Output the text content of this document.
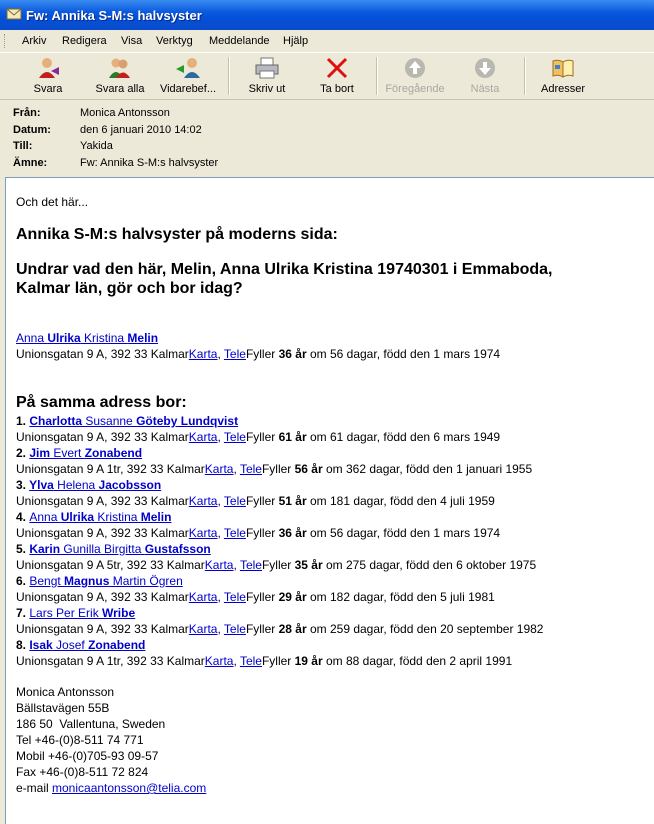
Fw: Annika S-M:s halvsyster
Arkiv Redigera Visa Verktyg Meddelande Hjälp
Svara	Svara alla	Vidarebef...	Skriv ut	Ta bort	Föregående	Nästa	Adresser
Från:	Monica Antonsson
Datum:	den 6 januari 2010 14:02
Till:	Yakida
Ämne:	Fw: Annika S-M:s halvsyster
Och det här...
Annika S-M:s halvsyster på moderns sida:
Undrar vad den här, Melin, Anna Ulrika Kristina 19740301 i Emmaboda,
Kalmar län, gör och bor idag?
Anna Ulrika Kristina Melin
Unionsgatan 9 A, 392 33 KalmarKarta, TeleFyller 36 år om 56 dagar, född den 1 mars 1974
På samma adress bor:
1. Charlotta Susanne Göteby Lundqvist
Unionsgatan 9 A, 392 33 KalmarKarta, TeleFyller 61 år om 61 dagar, född den 6 mars 1949
2. Jim Evert Zonabend
Unionsgatan 9 A 1tr, 392 33 KalmarKarta, TeleFyller 56 år om 362 dagar, född den 1 januari 1955
3. Ylva Helena Jacobsson
Unionsgatan 9 A, 392 33 KalmarKarta, TeleFyller 51 år om 181 dagar, född den 4 juli 1959
4. Anna Ulrika Kristina Melin
Unionsgatan 9 A, 392 33 KalmarKarta, TeleFyller 36 år om 56 dagar, född den 1 mars 1974
5. Karin Gunilla Birgitta Gustafsson
Unionsgatan 9 A 5tr, 392 33 KalmarKarta, TeleFyller 35 år om 275 dagar, född den 6 oktober 1975
6. Bengt Magnus Martin Ögren
Unionsgatan 9 A, 392 33 KalmarKarta, TeleFyller 29 år om 182 dagar, född den 5 juli 1981
7. Lars Per Erik Wribe
Unionsgatan 9 A, 392 33 KalmarKarta, TeleFyller 28 år om 259 dagar, född den 20 september 1982
8. Isak Josef Zonabend
Unionsgatan 9 A 1tr, 392 33 KalmarKarta, TeleFyller 19 år om 88 dagar, född den 2 april 1991
Monica Antonsson
Bällstavägen 55B
186 50  Vallentuna, Sweden
Tel +46-(0)8-511 74 771
Mobil +46-(0)705-93 09-57
Fax +46-(0)8-511 72 824
e-mail monicaantonsson@telia.com
